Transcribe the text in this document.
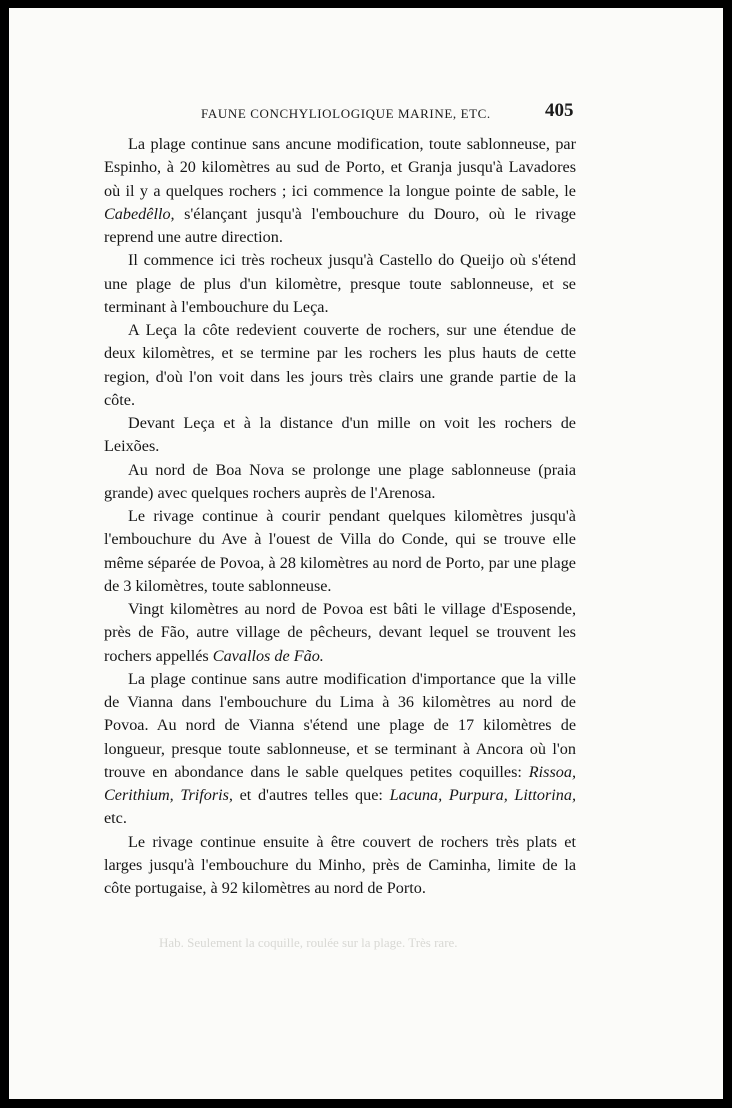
FAUNE CONCHYLIOLOGIQUE MARINE, ETC.	405

La plage continue sans ancune modification, toute sablonneuse, par Espinho, à 20 kilomètres au sud de Porto, et Granja jusqu'à Lavadores où il y a quelques rochers ; ici commence la longue pointe de sable, le Cabedêllo, s'élançant jusqu'à l'embouchure du Douro, où le rivage reprend une autre direction.

Il commence ici très rocheux jusqu'à Castello do Queijo où s'étend une plage de plus d'un kilomètre, presque toute sablonneuse, et se terminant à l'embouchure du Leça.

A Leça la côte redevient couverte de rochers, sur une étendue de deux kilomètres, et se termine par les rochers les plus hauts de cette region, d'où l'on voit dans les jours très clairs une grande partie de la côte.

Devant Leça et à la distance d'un mille on voit les rochers de Leixões.

Au nord de Boa Nova se prolonge une plage sablonneuse (praia grande) avec quelques rochers auprès de l'Arenosa.

Le rivage continue à courir pendant quelques kilomètres jusqu'à l'embouchure du Ave à l'ouest de Villa do Conde, qui se trouve elle même séparée de Povoa, à 28 kilomètres au nord de Porto, par une plage de 3 kilomètres, toute sablonneuse.

Vingt kilomètres au nord de Povoa est bâti le village d'Esposende, près de Fão, autre village de pêcheurs, devant lequel se trouvent les rochers appellés Cavallos de Fão.

La plage continue sans autre modification d'importance que la ville de Vianna dans l'embouchure du Lima à 36 kilomètres au nord de Povoa. Au nord de Vianna s'étend une plage de 17 kilomètres de longueur, presque toute sablonneuse, et se terminant à Ancora où l'on trouve en abondance dans le sable quelques petites coquilles: Rissoa, Cerithium, Triforis, et d'autres telles que: Lacuna, Purpura, Littorina, etc.

Le rivage continue ensuite à être couvert de rochers très plats et larges jusqu'à l'embouchure du Minho, près de Caminha, limite de la côte portugaise, à 92 kilomètres au nord de Porto.

Hab. Seulement la coquille, roulée sur la plage. Très rare.
